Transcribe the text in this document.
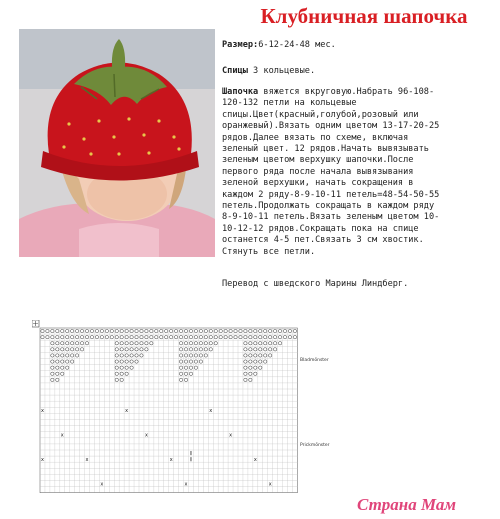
Клубничная шапочка
Размер:6-12-24-48 мес.
Спицы 3 кольцевые.
Шапочка вяжется вкруговую.Набрать 96-108-
120-132 петли на кольцевые
спицы.Цвет(красный,голубой,розовый или
оранжевый).Вязать одним цветом 13-17-20-25
рядов.Далее вязать по схеме, включая
зеленый цвет. 12 рядов.Начать вывязывать
зеленым цветом верхушку шапочки.После
первого ряда после начала вывязывания
зеленой верхушки, начать сокращения в
каждом 2 ряду-8-9-10-11 петель=48-54-50-55
петель.Продолжать сокращать в каждом ряду
8-9-10-11 петель.Вязать зеленым цветом 10-
10-12-12 рядов.Сокращать пока на спице
останется 4-5 пет.Связать 3 см хвостик.
Стянуть все петли.
Перевод с шведского Марины Линдберг.
x	x	x
x	x	x
x	x	x	x
x	x	x
Bladmönster
Prickmönster
Страна Мам
